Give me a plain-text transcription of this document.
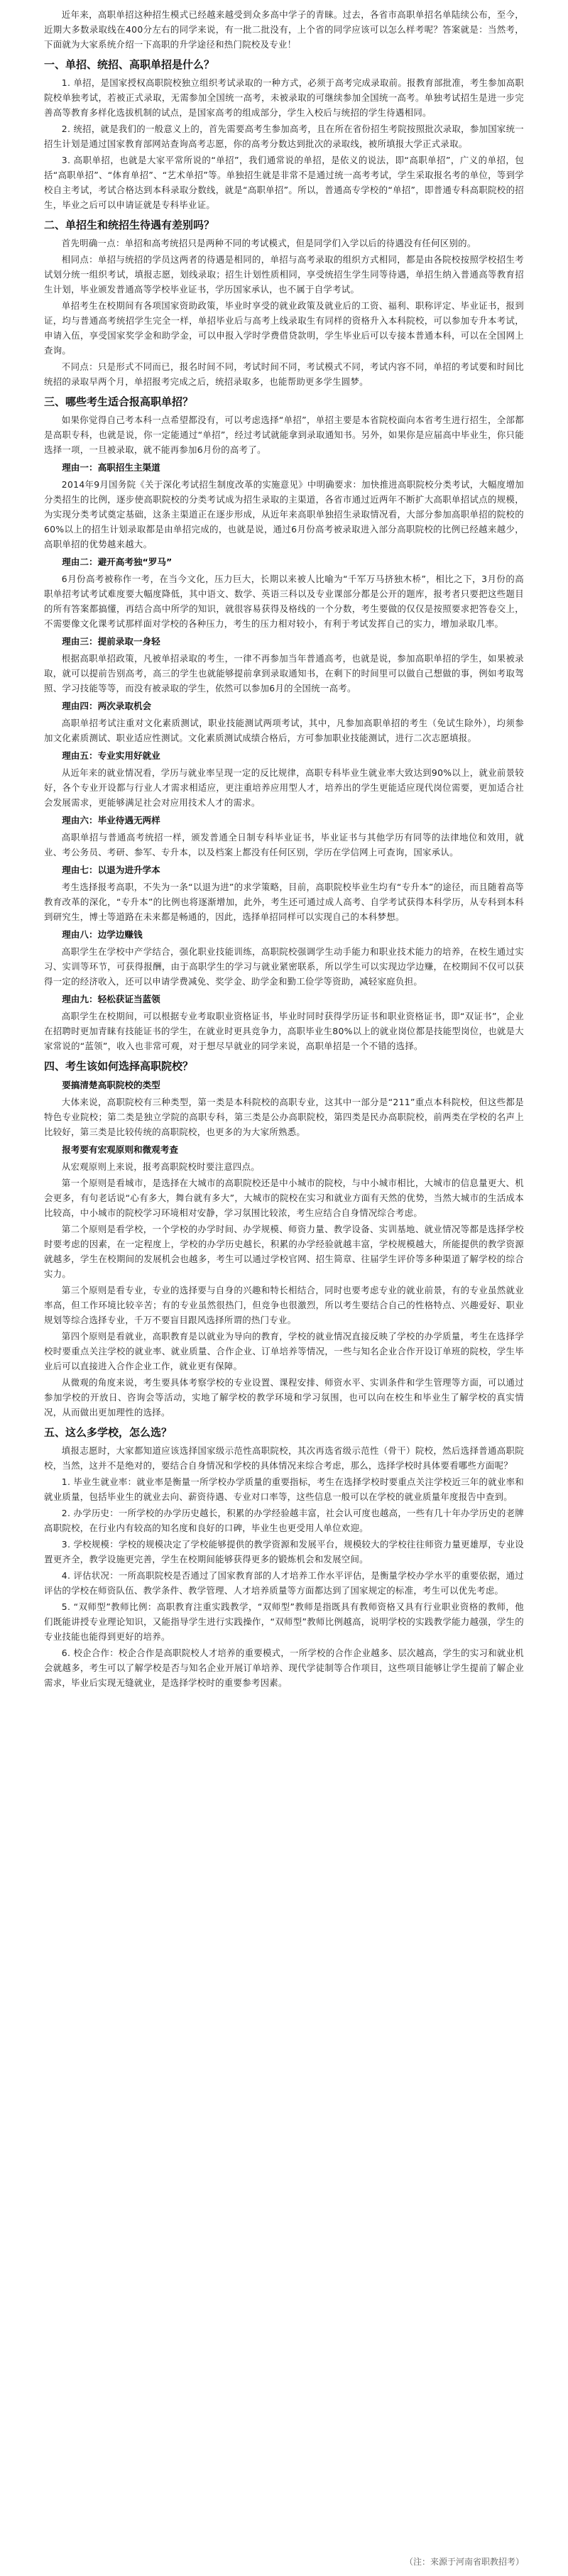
近年来，高职单招这种招生模式已经越来越受到众多高中学子的青睐。过去，各省市高职单招名单陆续公布，至今，近期大多数录取线在400分左右的同学来说，有一批二批没有，上个省的同学应该可以怎么样考呢？答案就是：当然考，下面就为大家系统介绍一下高职的升学途径和热门院校及专业！

一、单招、统招、高职单招是什么？

1. 单招，是国家授权高职院校独立组织考试录取的一种方式，必须于高考完成录取前。报教育部批准，考生参加高职院校单独考试，若被正式录取，无需参加全国统一高考，未被录取的可继续参加全国统一高考。单独考试招生是进一步完善高等教育多样化选拔机制的试点，是国家高考的组成部分，学生入校后与统招的学生待遇相同。

2. 统招，就是我们的一般意义上的，首先需要高考生参加高考，且在所在省份招生考院按照批次录取，参加国家统一招生计划是通过国家教育部网站查询高考志愿，你的高考分数达到批次的录取线，被所填报大学正式录取。

3. 高职单招，也就是大家平常所说的“单招”，我们通常说的单招，是依义的说法，即“高职单招”，广义的单招，包括“高职单招”、“体育单招”、“艺术单招”等。单独招生就是非常不是通过统一高考考试，学生采取报名考的单位，等到学校自主考试，考试合格达到本科录取分数线，就是“高职单招”。所以，普通高专学校的“单招”，即普通专科高职院校的招生，毕业之后可以申请证就是专科毕业证。

二、单招生和统招生待遇有差别吗？

首先明确一点：单招和高考统招只是两种不同的考试模式，但是同学们入学以后的待遇没有任何区别的。

相同点：单招与统招的学员这两者的待遇是相同的，单招与高考录取的组织方式相同，都是由各院校按照学校招生考试划分统一组织考试，填报志愿，划线录取；招生计划性质相同，享受统招生学生同等待遇，单招生纳入普通高等教育招生计划，毕业颁发普通高等学校毕业证书，学历国家承认，也不属于自学考试。

单招考生在校期间有各项国家资助政策，毕业时享受的就业政策及就业后的工资、福利、职称评定、毕业证书，报到证，均与普通高考统招学生完全一样，单招毕业后与高考上线录取生有同样的资格升入本科院校，可以参加专升本考试，申请入伍，享受国家奖学金和助学金，可以申报入学时学费借贷款明，学生毕业后可以专接本普通本科，可以在全国网上查询。

不同点：只是形式不同而已，报名时间不同，考试时间不同，考试模式不同，考试内容不同，单招的考试要和时间比统招的录取早两个月，单招报考完成之后，统招录取多，也能帮助更多学生圆梦。

三、哪些考生适合报高职单招？

如果你觉得自己考本科一点希望都没有，可以考虑选择“单招”，单招主要是本省院校面向本省考生进行招生，全部都是高职专科，也就是说，你一定能通过“单招”，经过考试就能拿到录取通知书。另外，如果你是应届高中毕业生，你只能选择一项，一旦被录取，就不能再参加6月份的高考了。

理由一：高职招生主渠道

2014年9月国务院《关于深化考试招生制度改革的实施意见》中明确要求：加快推进高职院校分类考试，大幅度增加分类招生的比例，逐步使高职院校的分类考试成为招生录取的主渠道，各省市通过近两年不断扩大高职单招试点的规模，为实现分类考试奠定基础，这条主渠道正在逐步形成，从近年来高职单独招生录取情况看，大部分参加高职单招的院校的60%以上的招生计划录取都是由单招完成的，也就是说，通过6月份高考被录取进入部分高职院校的比例已经越来越少，高职单招的优势越来越大。

理由二：避开高考独“罗马”

6月份高考被称作一考，在当今文化，压力巨大，长期以来被人比喻为“千军万马挤独木桥”，相比之下，3月份的高职单招考试考试难度要大幅度降低，其中语文、数学、英语三科以及专业课部分都是公开的题库，报考者只要把这些题目的所有答案都搞懂，再结合高中所学的知识，就很容易获得及格线的一个分数，考生要做的仅仅是按照要求把答卷交上，不需要像文化课考试那样面对学校的各种压力，考生的压力相对较小，有利于考试发挥自己的实力，增加录取几率。

理由三：提前录取一身轻

根据高职单招政策，凡被单招录取的考生，一律不再参加当年普通高考，也就是说，参加高职单招的学生，如果被录取，就可以提前告别高考，高三的学生也就能够提前拿到录取通知书，在剩下的时间里可以做自己想做的事，例如考取驾照、学习技能等等，而没有被录取的学生，依然可以参加6月的全国统一高考。

理由四：两次录取机会

高职单招考试注重对文化素质测试，职业技能测试两项考试，其中，凡参加高职单招的考生（免试生除外），均须参加文化素质测试、职业适应性测试。文化素质测试成绩合格后，方可参加职业技能测试，进行二次志愿填报。

理由五：专业实用好就业

从近年来的就业情况看，学历与就业率呈现一定的反比规律，高职专科毕业生就业率大致达到90%以上，就业前景较好，各个专业开设都与行业人才需求相适应，更注重培养应用型人才，培养出的学生更能适应现代岗位需要，更加适合社会发展需求，更能够满足社会对应用技术人才的需求。

理由六：毕业待遇无两样

高职单招与普通高考统招一样，颁发普通全日制专科毕业证书，毕业证书与其他学历有同等的法律地位和效用，就业、考公务员、考研、参军、专升本，以及档案上都没有任何区别，学历在学信网上可查询，国家承认。

理由七：以退为进升学本

考生选择报考高职，不失为一条“以退为进”的求学策略，目前，高职院校毕业生均有“专升本”的途径，而且随着高等教育改革的深化，“专升本”的比例也将逐渐增加，此外，考生还可通过成人高考、自学考试获得本科学历，从专科到本科到研究生，博士等道路在未来都是畅通的，因此，选择单招同样可以实现自己的本科梦想。

理由八：边学边赚钱

高职学生在学校中产学结合，强化职业技能训练，高职院校强调学生动手能力和职业技术能力的培养，在校生通过实习、实训等环节，可获得报酬，由于高职学生的学习与就业紧密联系，所以学生可以实现边学边赚，在校期间不仅可以获得一定的经济收入，还可以申请学费减免、奖学金、助学金和勤工俭学等资助，减轻家庭负担。

理由九：轻松获证当蓝领

高职学生在校期间，可以根据专业考取职业资格证书，毕业时同时获得学历证书和职业资格证书，即“双证书”，企业在招聘时更加青睐有技能证书的学生，在就业时更具竞争力，高职毕业生80%以上的就业岗位都是技能型岗位，也就是大家常说的“蓝领”，收入也非常可观，对于想尽早就业的同学来说，高职单招是一个不错的选择。

四、考生该如何选择高职院校？
要搞清楚高职院校的类型

大体来说，高职院校有三种类型，第一类是本科院校的高职专业，这其中一部分是“211”重点本科院校，但这些都是特色专业院校；第二类是独立学院的高职专科，第三类是公办高职院校，第四类是民办高职院校，前两类在学校的名声上比较好，第三类是比较传统的高职院校，也更多的为大家所熟悉。

报考要有宏观原则和微观考查

从宏观原则上来说，报考高职院校时要注意四点。

第一个原则是看城市，是选择在大城市的高职院校还是中小城市的院校，与中小城市相比，大城市的信息量更大、机会更多，有句老话说“心有多大，舞台就有多大”，大城市的院校在实习和就业方面有天然的优势，当然大城市的生活成本比较高，中小城市的院校学习环境相对安静，学习氛围比较浓，考生应结合自身情况综合考虑。

第二个原则是看学校，一个学校的办学时间、办学规模、师资力量、教学设备、实训基地、就业情况等都是选择学校时要考虑的因素，在一定程度上，学校的办学历史越长，积累的办学经验就越丰富，学校规模越大，所能提供的教学资源就越多，学生在校期间的发展机会也越多，考生可以通过学校官网、招生简章、往届学生评价等多种渠道了解学校的综合实力。

第三个原则是看专业，专业的选择要与自身的兴趣和特长相结合，同时也要考虑专业的就业前景，有的专业虽然就业率高，但工作环境比较辛苦；有的专业虽然很热门，但竞争也很激烈，所以考生要结合自己的性格特点、兴趣爱好、职业规划等综合选择专业，千万不要盲目跟风选择所谓的热门专业。

第四个原则是看就业，高职教育是以就业为导向的教育，学校的就业情况直接反映了学校的办学质量，考生在选择学校时要重点关注学校的就业率、就业质量、合作企业、订单培养等情况，一些与知名企业合作开设订单班的院校，学生毕业后可以直接进入合作企业工作，就业更有保障。

从微观的角度来说，考生要具体考察学校的专业设置、课程安排、师资水平、实训条件和学生管理等方面，可以通过参加学校的开放日、咨询会等活动，实地了解学校的教学环境和学习氛围，也可以向在校生和毕业生了解学校的真实情况，从而做出更加理性的选择。

五、这么多学校，怎么选？

填报志愿时，大家都知道应该选择国家级示范性高职院校，其次再选省级示范性（骨干）院校，然后选择普通高职院校，当然，这并不是绝对的，要结合自身情况和学校的具体情况来综合考虑，那么，选择学校时具体要看哪些方面呢？

1. 毕业生就业率：就业率是衡量一所学校办学质量的重要指标，考生在选择学校时要重点关注学校近三年的就业率和就业质量，包括毕业生的就业去向、薪资待遇、专业对口率等，这些信息一般可以在学校的就业质量年度报告中查到。

2. 办学历史：一所学校的办学历史越长，积累的办学经验越丰富，社会认可度也越高，一些有几十年办学历史的老牌高职院校，在行业内有较高的知名度和良好的口碑，毕业生也更受用人单位欢迎。

3. 学校规模：学校的规模决定了学校能够提供的教学资源和发展平台，规模较大的学校往往师资力量更雄厚，专业设置更齐全，教学设施更完善，学生在校期间能够获得更多的锻炼机会和发展空间。

4. 评估状况：一所高职院校是否通过了国家教育部的人才培养工作水平评估，是衡量学校办学水平的重要依据，通过评估的学校在师资队伍、教学条件、教学管理、人才培养质量等方面都达到了国家规定的标准，考生可以优先考虑。

5. “双师型”教师比例：高职教育注重实践教学，“双师型”教师是指既具有教师资格又具有行业职业资格的教师，他们既能讲授专业理论知识，又能指导学生进行实践操作，“双师型”教师比例越高，说明学校的实践教学能力越强，学生的专业技能也能得到更好的培养。

6. 校企合作：校企合作是高职院校人才培养的重要模式，一所学校的合作企业越多、层次越高，学生的实习和就业机会就越多，考生可以了解学校是否与知名企业开展订单培养、现代学徒制等合作项目，这些项目能够让学生提前了解企业需求，毕业后实现无缝就业，是选择学校时的重要参考因素。

（注：来源于河南省职教招考）
